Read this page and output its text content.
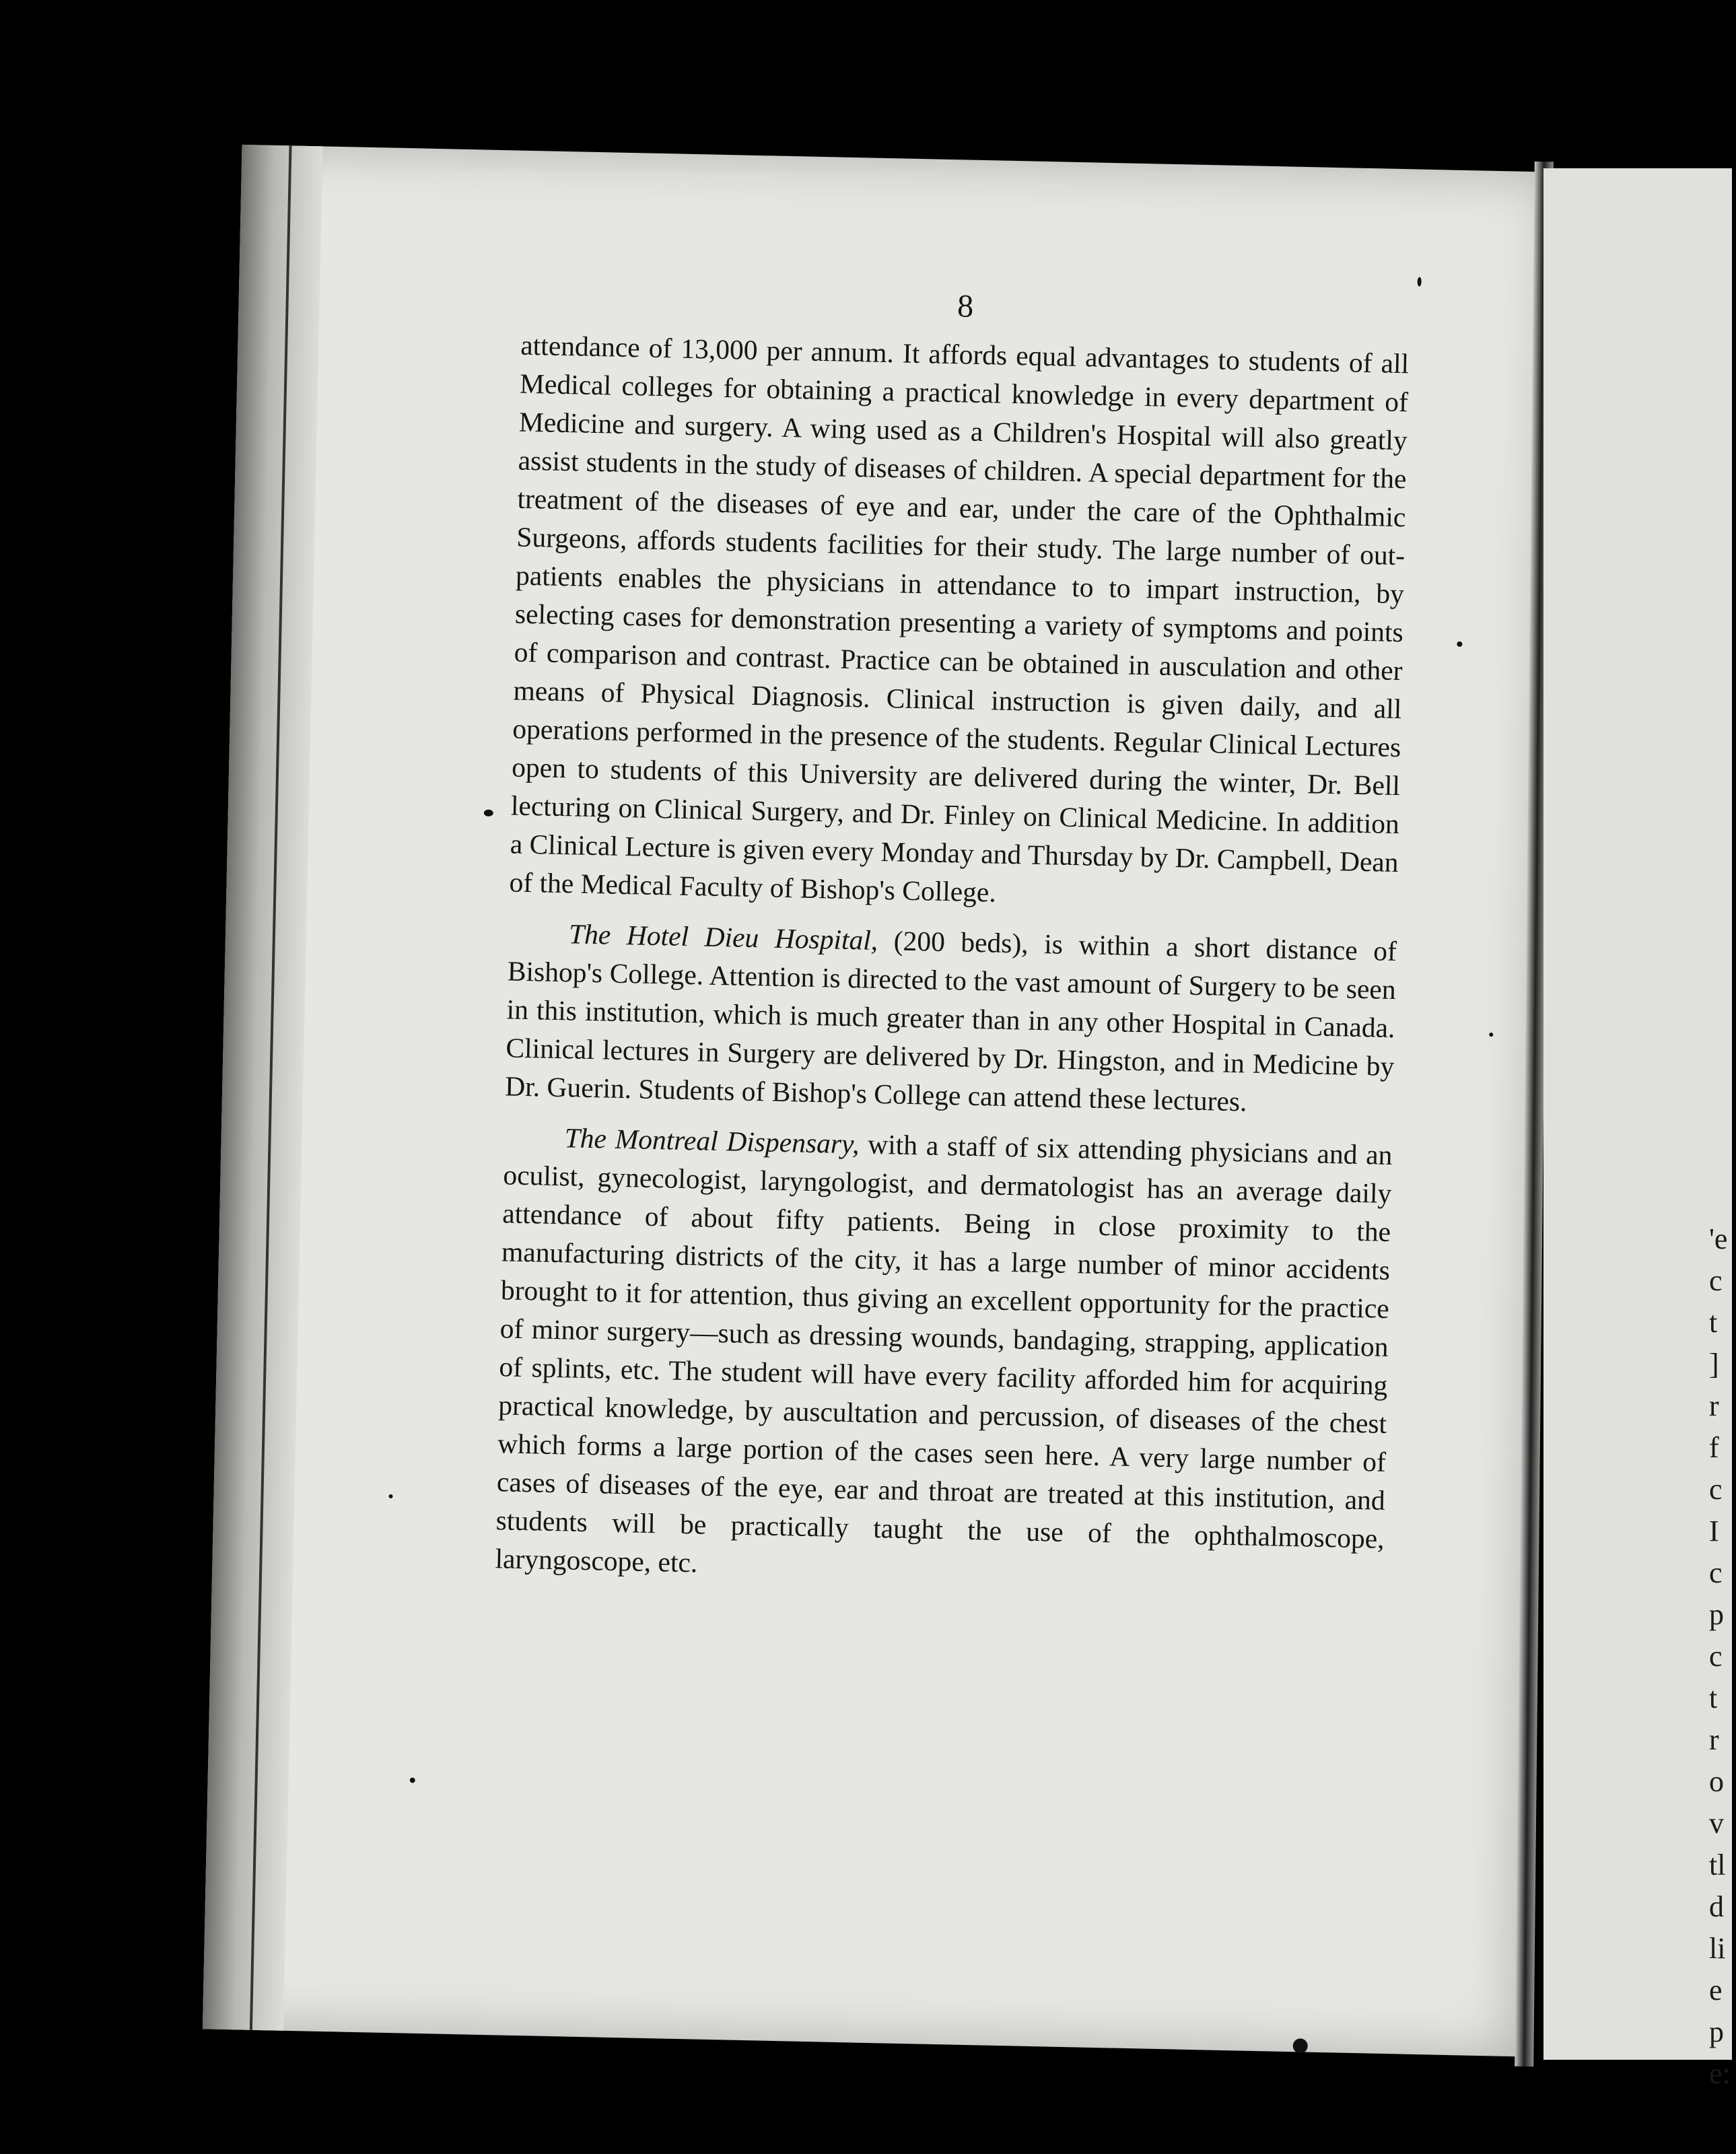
8

attendance of 13,000 per annum. It affords equal advantages to students of all Medical colleges for obtaining a practical knowledge in every department of Medicine and surgery. A wing used as a Children's Hospital will also greatly assist students in the study of diseases of children. A special department for the treatment of the diseases of eye and ear, under the care of the Ophthalmic Surgeons, affords students facilities for their study. The large number of out-patients enables the physicians in attendance to to impart instruction, by selecting cases for demonstration presenting a variety of symptoms and points of comparison and contrast. Practice can be obtained in ausculation and other means of Physical Diagnosis. Clinical instruction is given daily, and all operations performed in the presence of the students. Regular Clinical Lectures open to students of this University are delivered during the winter, Dr. Bell lecturing on Clinical Surgery, and Dr. Finley on Clinical Medicine. In addition a Clinical Lecture is given every Monday and Thursday by Dr. Campbell, Dean of the Medical Faculty of Bishop's College.

The Hotel Dieu Hospital, (200 beds), is within a short distance of Bishop's College. Attention is directed to the vast amount of Surgery to be seen in this institution, which is much greater than in any other Hospital in Canada. Clinical lectures in Surgery are delivered by Dr. Hingston, and in Medicine by Dr. Guerin. Students of Bishop's College can attend these lectures.

The Montreal Dispensary, with a staff of six attending physicians and an oculist, gynecologist, laryngologist, and dermatologist has an average daily attendance of about fifty patients. Being in close proximity to the manufacturing districts of the city, it has a large number of minor accidents brought to it for attention, thus giving an excellent opportunity for the practice of minor surgery—such as dressing wounds, bandaging, strapping, application of splints, etc. The student will have every facility afforded him for acquiring practical knowledge, by auscultation and percussion, of diseases of the chest which forms a large portion of the cases seen here. A very large number of cases of diseases of the eye, ear and throat are treated at this institution, and students will be practically taught the use of the ophthalmoscope, laryngoscope, etc.

'e
c
t
]
r
f
c
I
c
p
c
t
r
o
v
tl
d
li
e
p
e:
